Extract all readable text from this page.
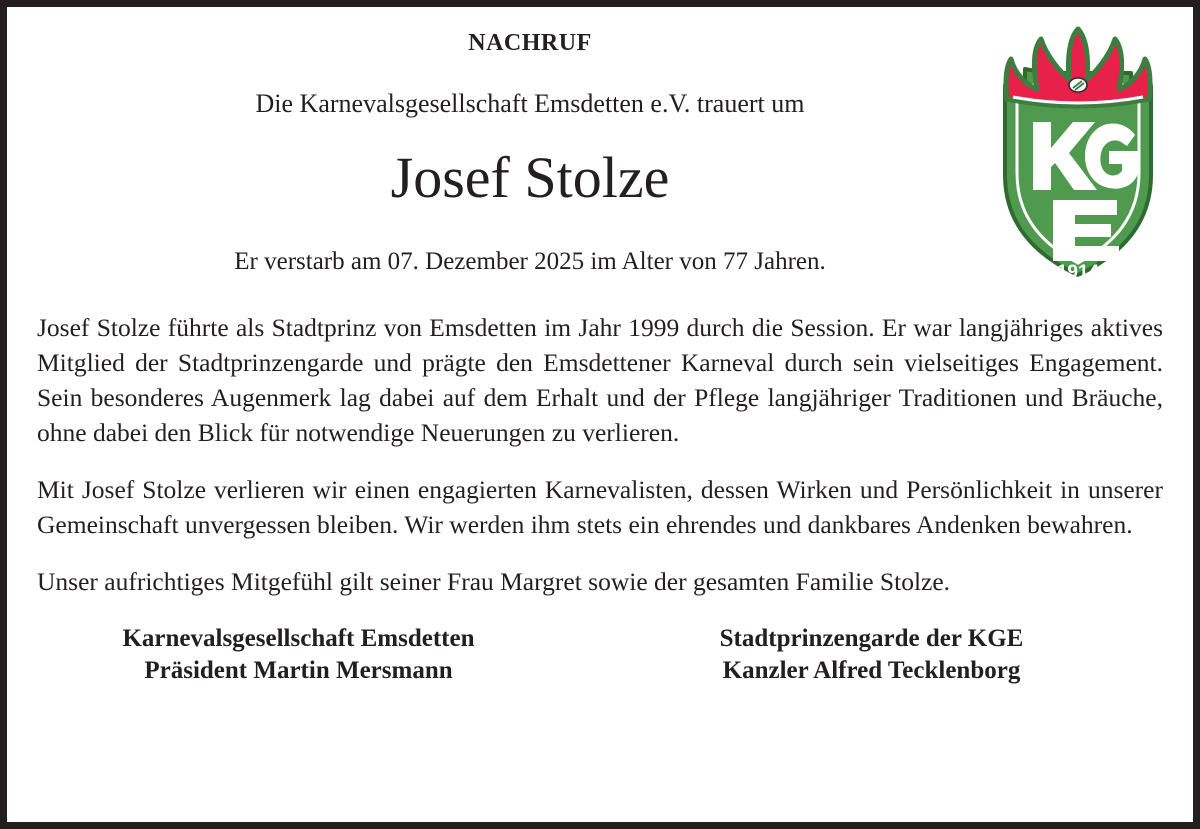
1914
NACHRUF
Die Karnevalsgesellschaft Emsdetten e.V. trauert um
Josef Stolze
Er verstarb am 07. Dezember 2025 im Alter von 77 Jahren.

Josef Stolze führte als Stadtprinz von Emsdetten im Jahr 1999 durch die Session. Er war langjähriges aktives Mitglied der Stadtprinzengarde und prägte den Emsdettener Karneval durch sein vielseitiges Engagement. Sein besonderes Augenmerk lag dabei auf dem Erhalt und der Pflege langjähriger Traditionen und Bräuche, ohne dabei den Blick für notwendige Neuerungen zu verlieren.

Mit Josef Stolze verlieren wir einen engagierten Karnevalisten, dessen Wirken und Persönlichkeit in unserer Gemeinschaft unvergessen bleiben. Wir werden ihm stets ein ehrendes und dankbares Andenken bewahren.

Unser aufrichtiges Mitgefühl gilt seiner Frau Margret sowie der gesamten Familie Stolze.

Karnevalsgesellschaft Emsdetten
Präsident Martin Mersmann
Stadtprinzengarde der KGE
Kanzler Alfred Tecklenborg
